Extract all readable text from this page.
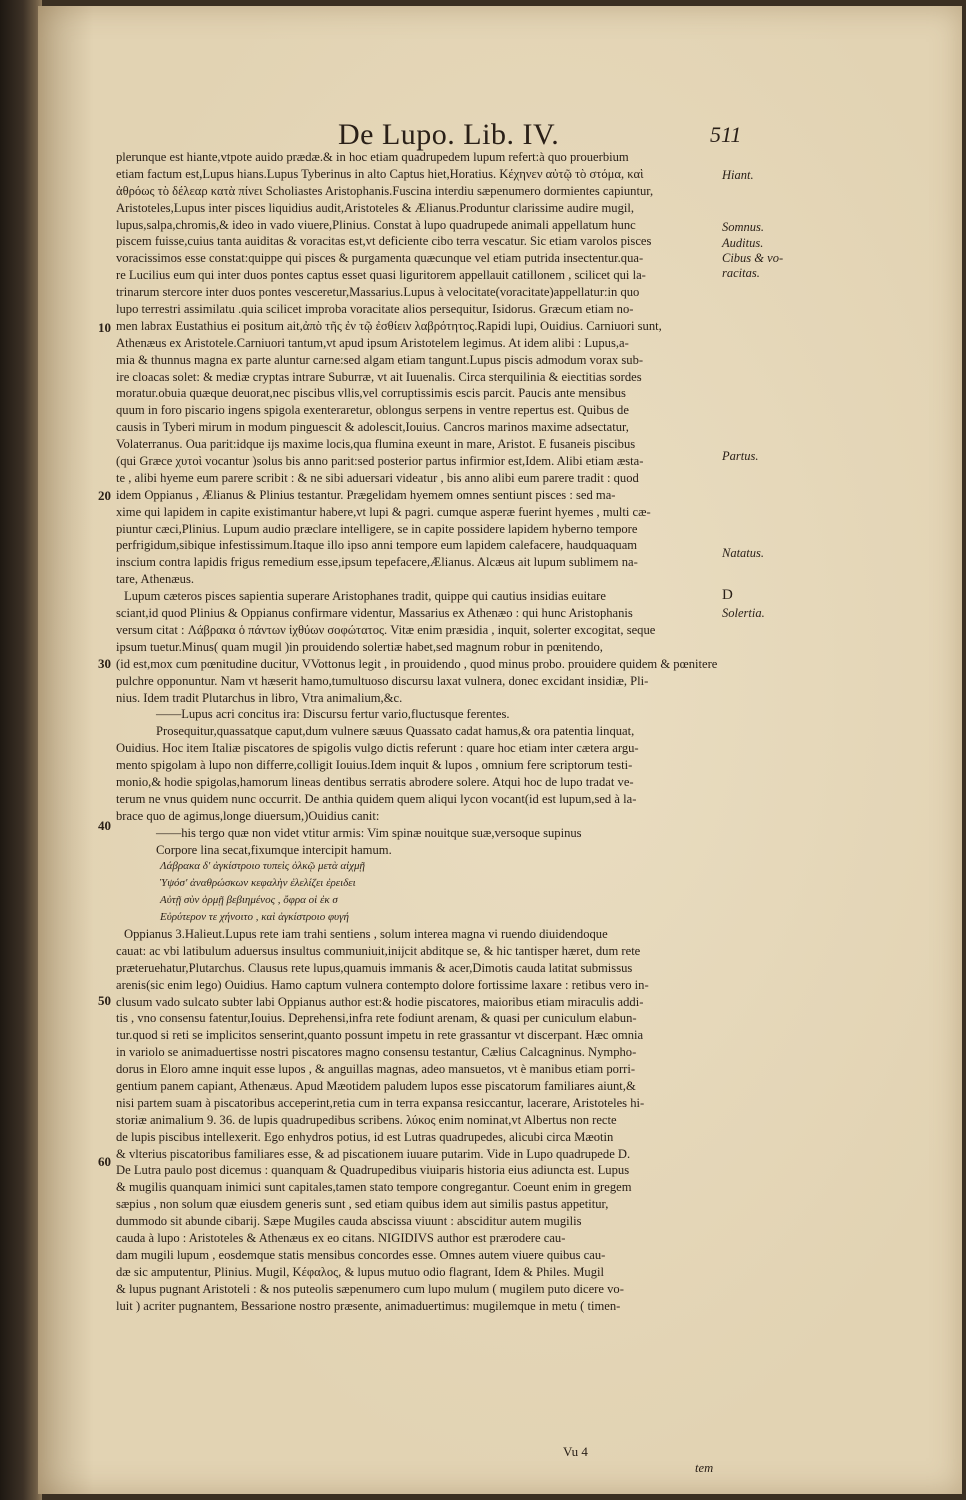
De Lupo. Lib. IV.	511
plerunque est hiante,vtpote auido prædæ.& in hoc etiam quadrupedem lupum refert:à quo prouerbium
etiam factum est,Lupus hians.Lupus Tyberinus in alto Captus hiet,Horatius. Κέχηνεν αὐτῷ τὸ στόμα, καὶ
ἀθρόως τὸ δέλεαρ κατὰ πίνει Scholiastes Aristophanis.Fuscina interdiu sæpenumero dormientes capiuntur,
Aristoteles,Lupus inter pisces liquidius audit,Aristoteles & Ælianus.Produntur clarissime audire mugil,
lupus,salpa,chromis,& ideo in vado viuere,Plinius. Constat à lupo quadrupede animali appellatum hunc
piscem fuisse,cuius tanta auiditas & voracitas est,vt deficiente cibo terra vescatur. Sic etiam varolos pisces
voracissimos esse constat:quippe qui pisces & purgamenta quæcunque vel etiam putrida insectentur.qua-
re Lucilius eum qui inter duos pontes captus esset quasi liguritorem appellauit catillonem , scilicet qui la-
trinarum stercore inter duos pontes vesceretur,Massarius.Lupus à velocitate(voracitate)appellatur:in quo
lupo terrestri assimilatu .quia scilicet improba voracitate alios persequitur, Isidorus. Græcum etiam no-
men labrax Eustathius ei positum ait,ἀπὸ τῆς ἐν τῷ ἐσθίειν λαβρότητος.Rapidi lupi, Ouidius. Carniuori sunt,
Athenæus ex Aristotele.Carniuori tantum,vt apud ipsum Aristotelem legimus. At idem alibi : Lupus,a-
mia & thunnus magna ex parte aluntur carne:sed algam etiam tangunt.Lupus piscis admodum vorax sub-
ire cloacas solet: & mediæ cryptas intrare Suburræ, vt ait Iuuenalis. Circa sterquilinia & eiectitias sordes
moratur.obuia quæque deuorat,nec piscibus vllis,vel corruptissimis escis parcit. Paucis ante mensibus
quum in foro piscario ingens spigola exenteraretur, oblongus serpens in ventre repertus est. Quibus de
causis in Tyberi mirum in modum pinguescit & adolescit,Iouius. Cancros marinos maxime adsectatur,
Volaterranus. Oua parit:idque ijs maxime locis,qua flumina exeunt in mare, Aristot. E fusaneis piscibus
(qui Græce χυτοὶ vocantur )solus bis anno parit:sed posterior partus infirmior est,Idem. Alibi etiam æsta-
te , alibi hyeme eum parere scribit : & ne sibi aduersari videatur , bis anno alibi eum parere tradit : quod
idem Oppianus , Ælianus & Plinius testantur. Prægelidam hyemem omnes sentiunt pisces : sed ma-
xime qui lapidem in capite existimantur habere,vt lupi & pagri. cumque asperæ fuerint hyemes , multi cæ-
piuntur cæci,Plinius. Lupum audio præclare intelligere, se in capite possidere lapidem hyberno tempore
perfrigidum,sibique infestissimum.Itaque illo ipso anni tempore eum lapidem calefacere, haudquaquam
inscium contra lapidis frigus remedium esse,ipsum tepefacere,Ælianus. Alcæus ait lupum sublimem na-
tare, Athenæus.
Lupum cæteros pisces sapientia superare Aristophanes tradit, quippe qui cautius insidias euitare
sciant,id quod Plinius & Oppianus confirmare videntur, Massarius ex Athenæo : qui hunc Aristophanis
versum citat : Λάβρακα ὁ πάντων ἰχθύων σοφώτατος. Vitæ enim præsidia , inquit, solerter excogitat, seque
ipsum tuetur.Minus( quam mugil )in prouidendo solertiæ habet,sed magnum robur in pœnitendo,
(id est,mox cum pœnitudine ducitur, VVottonus legit , in prouidendo , quod minus probo. prouidere quidem & pœnitere
pulchre opponuntur. Nam vt hæserit hamo,tumultuoso discursu laxat vulnera, donec excidant insidiæ, Pli-
nius. Idem tradit Plutarchus in libro, Vtra animalium,&c.
——Lupus acri concitus ira: Discursu fertur vario,fluctusque ferentes.
Prosequitur,quassatque caput,dum vulnere sæuus Quassato cadat hamus,& ora patentia linquat,
Ouidius. Hoc item Italiæ piscatores de spigolis vulgo dictis referunt : quare hoc etiam inter cætera argu-
mento spigolam à lupo non differre,colligit Iouius.Idem inquit & lupos , omnium fere scriptorum testi-
monio,& hodie spigolas,hamorum lineas dentibus serratis abrodere solere. Atqui hoc de lupo tradat ve-
terum ne vnus quidem nunc occurrit. De anthia quidem quem aliqui lycon vocant(id est lupum,sed à la-
brace quo de agimus,longe diuersum,)Ouidius canit:
——his tergo quæ non videt vtitur armis: Vim spinæ nouitque suæ,versoque supinus
Corpore lina secat,fixumque intercipit hamum.
Λάβρακα δ' ἀγκίστροιο τυπεὶς ὀλκῷ μετὰ αἰχμῇ
Ὑψόσ' ἀναθρώσκων κεφαλὴν ἐλελίζει ἐρειδει
Αὐτῇ σὺν ὁρμῇ βεβιημένος , ὄφρα οἱ ἐκ σ
Εὐρύτερον τε χήνοιτο , καὶ ἀγκίστροιο φυγή
Oppianus 3.Halieut.Lupus rete iam trahi sentiens , solum interea magna vi ruendo diuidendoque
cauat: ac vbi latibulum aduersus insultus communiuit,inijcit abditque se, & hic tantisper hæret, dum rete
præteruehatur,Plutarchus. Clausus rete lupus,quamuis immanis & acer,Dimotis cauda latitat submissus
arenis(sic enim lego) Ouidius. Hamo captum vulnera contempto dolore fortissime laxare : retibus vero in-
clusum vado sulcato subter labi Oppianus author est:& hodie piscatores, maioribus etiam miraculis addi-
tis , vno consensu fatentur,Iouius. Deprehensi,infra rete fodiunt arenam, & quasi per cuniculum elabun-
tur.quod si reti se implicitos senserint,quanto possunt impetu in rete grassantur vt discerpant. Hæc omnia
in variolo se animaduertisse nostri piscatores magno consensu testantur, Cælius Calcagninus. Nympho-
dorus in Eloro amne inquit esse lupos , & anguillas magnas, adeo mansuetos, vt è manibus etiam porri-
gentium panem capiant, Athenæus. Apud Mæotidem paludem lupos esse piscatorum familiares aiunt,&
nisi partem suam à piscatoribus acceperint,retia cum in terra expansa resiccantur, lacerare, Aristoteles hi-
storiæ animalium 9. 36. de lupis quadrupedibus scribens. λύκος enim nominat,vt Albertus non recte
de lupis piscibus intellexerit. Ego enhydros potius, id est Lutras quadrupedes, alicubi circa Mæotin
& vlterius piscatoribus familiares esse, & ad piscationem iuuare putarim. Vide in Lupo quadrupede D.
De Lutra paulo post dicemus : quanquam & Quadrupedibus viuiparis historia eius adiuncta est. Lupus
& mugilis quanquam inimici sunt capitales,tamen stato tempore congregantur. Coeunt enim in gregem
sæpius , non solum quæ eiusdem generis sunt , sed etiam quibus idem aut similis pastus appetitur,
dummodo sit abunde cibarij. Sæpe Mugiles cauda abscissa viuunt : absciditur autem mugilis
cauda à lupo : Aristoteles & Athenæus ex eo citans. NIGIDIVS author est prærodere cau-
dam mugili lupum , eosdemque statis mensibus concordes esse. Omnes autem viuere quibus cau-
dæ sic amputentur, Plinius. Mugil, Κέφαλος, & lupus mutuo odio flagrant, Idem & Philes. Mugil
& lupus pugnant Aristoteli : & nos puteolis sæpenumero cum lupo mulum ( mugilem puto dicere vo-
luit ) acriter pugnantem, Bessarione nostro præsente, animaduertimus: mugilemque in metu ( timen-
Hiant.
Somnus.
Auditus.
Cibus & vo-
racitas.
Partus.
Natatus.
D
Solertia.
10
20
30
40
50
60
Vu 4
tem
